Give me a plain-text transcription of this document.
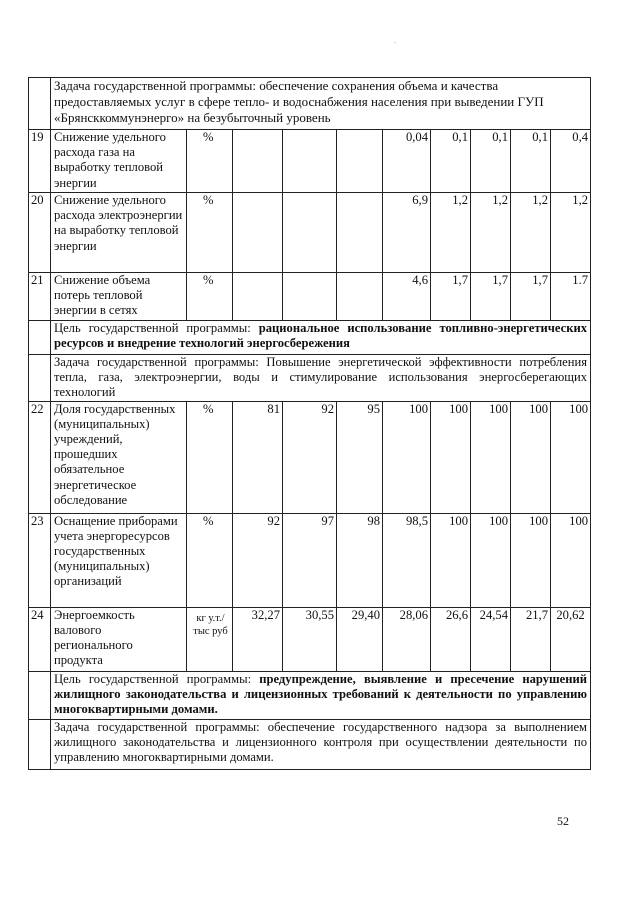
.
	Задача государственной программы: обеспечение сохранения объема и качества предоставляемых услуг в сфере тепло- и водоснабжения населения при выведении ГУП «Брянсккоммунэнерго» на безубыточный уровень									
19	Снижение удельного расхода газа на выработку тепловой энергии	%				0,04	0,1	0,1	0,1	0,4
20	Снижение удельного расхода электроэнергии на выработку тепловой энергии	%				6,9	1,2	1,2	1,2	1,2
21	Снижение объема потерь тепловой энергии в сетях	%				4,6	1,7	1,7	1,7	1.7
	Цель государственной программы: рациональное использование топливно-энергетических ресурсов и внедрение технологий энергосбережения									
	Задача государственной программы: Повышение энергетической эффективности потребления тепла, газа, электроэнергии, воды и стимулирование использования энергосберегающих технологий									
22	Доля государственных (муниципальных) учреждений, прошедших обязательное энергетическое обследование	%	81	92	95	100	100	100	100	100
23	Оснащение приборами учета энергоресурсов государственных (муниципальных) организаций	%	92	97	98	98,5	100	100	100	100
24	Энергоемкость валового регионального продукта	кг у.т./тыс руб	32,27	30,55	29,40	28,06	26,6	24,54	21,7	20,62
	Цель государственной программы: предупреждение, выявление и пресечение нарушений жилищного законодательства и лицензионных требований к деятельности по управлению многоквартирными домами.									
	Задача государственной программы: обеспечение государственного надзора за выполнением жилищного законодательства и лицензионного контроля при осуществлении деятельности по управлению многоквартирными домами.									
52
